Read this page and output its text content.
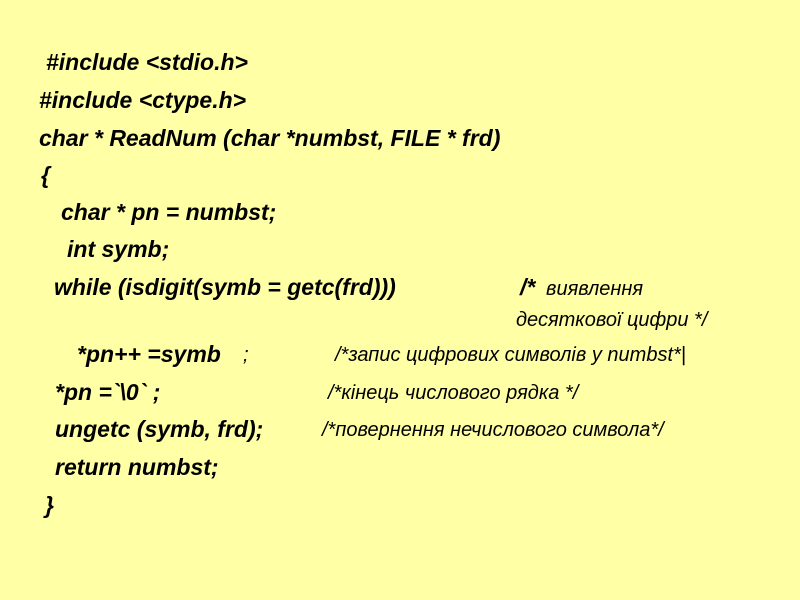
#include <stdio.h>
#include <ctype.h>
char * ReadNum (char *numbst, FILE * frd)
{
char * pn = numbst;
int symb;
while (isdigit(symb = getc(frd)))	/* виявлення
десяткової цифри */
*pn++ =symb ;	/*запис цифрових символів у numbst*|
*pn =`\0` ;	/*кінець числового рядка */
ungetc (symb, frd);	/*повернення нечислового символа*/
return numbst;
}
